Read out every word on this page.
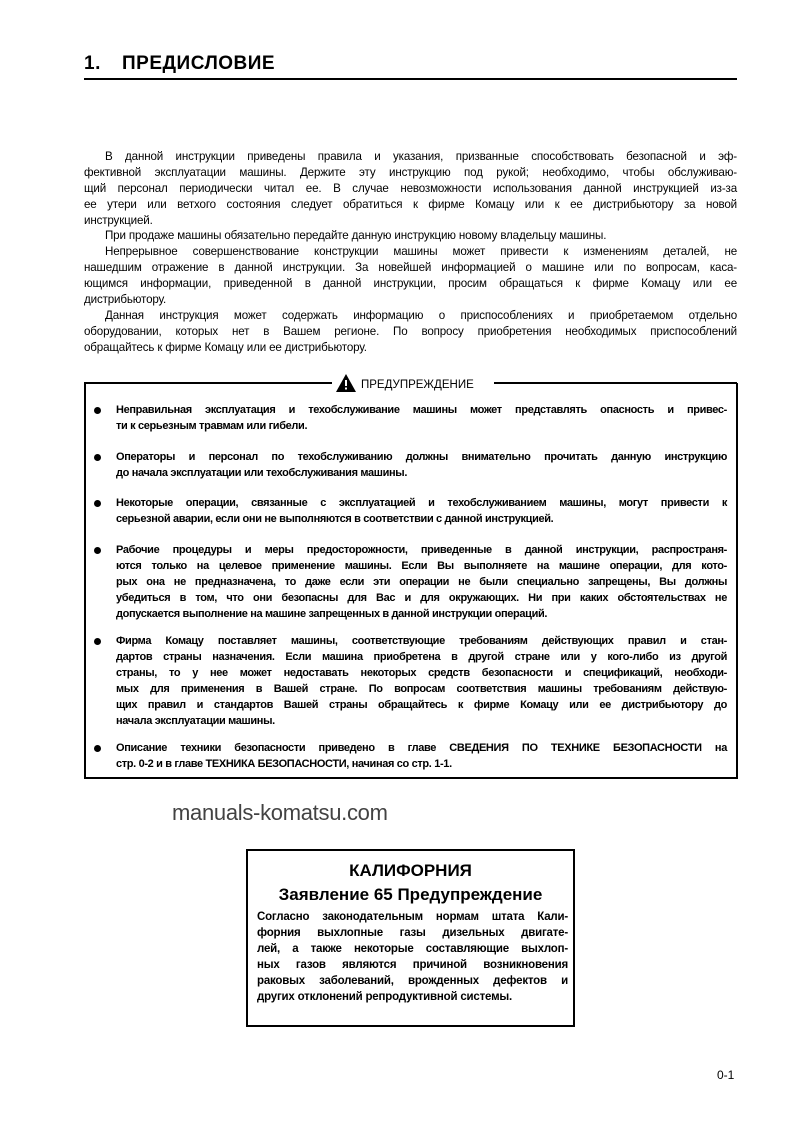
1. ПРЕДИСЛОВИЕ
В данной инструкции приведены правила и указания, призванные способствовать безопасной и эф-
фективной эксплуатации машины. Держите эту инструкцию под рукой; необходимо, чтобы обслуживаю-
щий персонал периодически читал ее. В случае невозможности использования данной инструкцией из-за
ее утери или ветхого состояния следует обратиться к фирме Комацу или к ее дистрибьютору за новой
инструкцией.
При продаже машины обязательно передайте данную инструкцию новому владельцу машины.
Непрерывное совершенствование конструкции машины может привести к изменениям деталей, не
нашедшим отражение в данной инструкции. За новейшей информацией о машине или по вопросам, каса-
ющимся информации, приведенной в данной инструкции, просим обращаться к фирме Комацу или ее
дистрибьютору.
Данная инструкция может содержать информацию о приспособлениях и приобретаемом отдельно
оборудовании, которых нет в Вашем регионе. По вопросу приобретения необходимых приспособлений
обращайтесь к фирме Комацу или ее дистрибьютору.
ПРЕДУПРЕЖДЕНИЕ
Неправильная эксплуатация и техобслуживание машины может представлять опасность и привес-
ти к серьезным травмам или гибели.
Операторы и персонал по техобслуживанию должны внимательно прочитать данную инструкцию
до начала эксплуатации или техобслуживания машины.
Некоторые операции, связанные с эксплуатацией и техобслуживанием машины, могут привести к
серьезной аварии, если они не выполняются в соответствии с данной инструкцией.
Рабочие процедуры и меры предосторожности, приведенные в данной инструкции, распространя-
ются только на целевое применение машины. Если Вы выполняете на машине операции, для кото-
рых она не предназначена, то даже если эти операции не были специально запрещены, Вы должны
убедиться в том, что они безопасны для Вас и для окружающих. Ни при каких обстоятельствах не
допускается выполнение на машине запрещенных в данной инструкции операций.
Фирма Комацу поставляет машины, соответствующие требованиям действующих правил и стан-
дартов страны назначения. Если машина приобретена в другой стране или у кого-либо из другой
страны, то у нее может недоставать некоторых средств безопасности и спецификаций, необходи-
мых для применения в Вашей стране. По вопросам соответствия машины требованиям действую-
щих правил и стандартов Вашей страны обращайтесь к фирме Комацу или ее дистрибьютору до
начала эксплуатации машины.
Описание техники безопасности приведено в главе СВЕДЕНИЯ ПО ТЕХНИКЕ БЕЗОПАСНОСТИ на
стр. 0-2 и в главе ТЕХНИКА БЕЗОПАСНОСТИ, начиная со стр. 1-1.
manuals-komatsu.com
КАЛИФОРНИЯ
Заявление 65 Предупреждение
Согласно законодательным нормам штата Кали-
форния выхлопные газы дизельных двигате-
лей, а также некоторые составляющие выхлоп-
ных газов являются причиной возникновения
раковых заболеваний, врожденных дефектов и
других отклонений репродуктивной системы.
0-1
